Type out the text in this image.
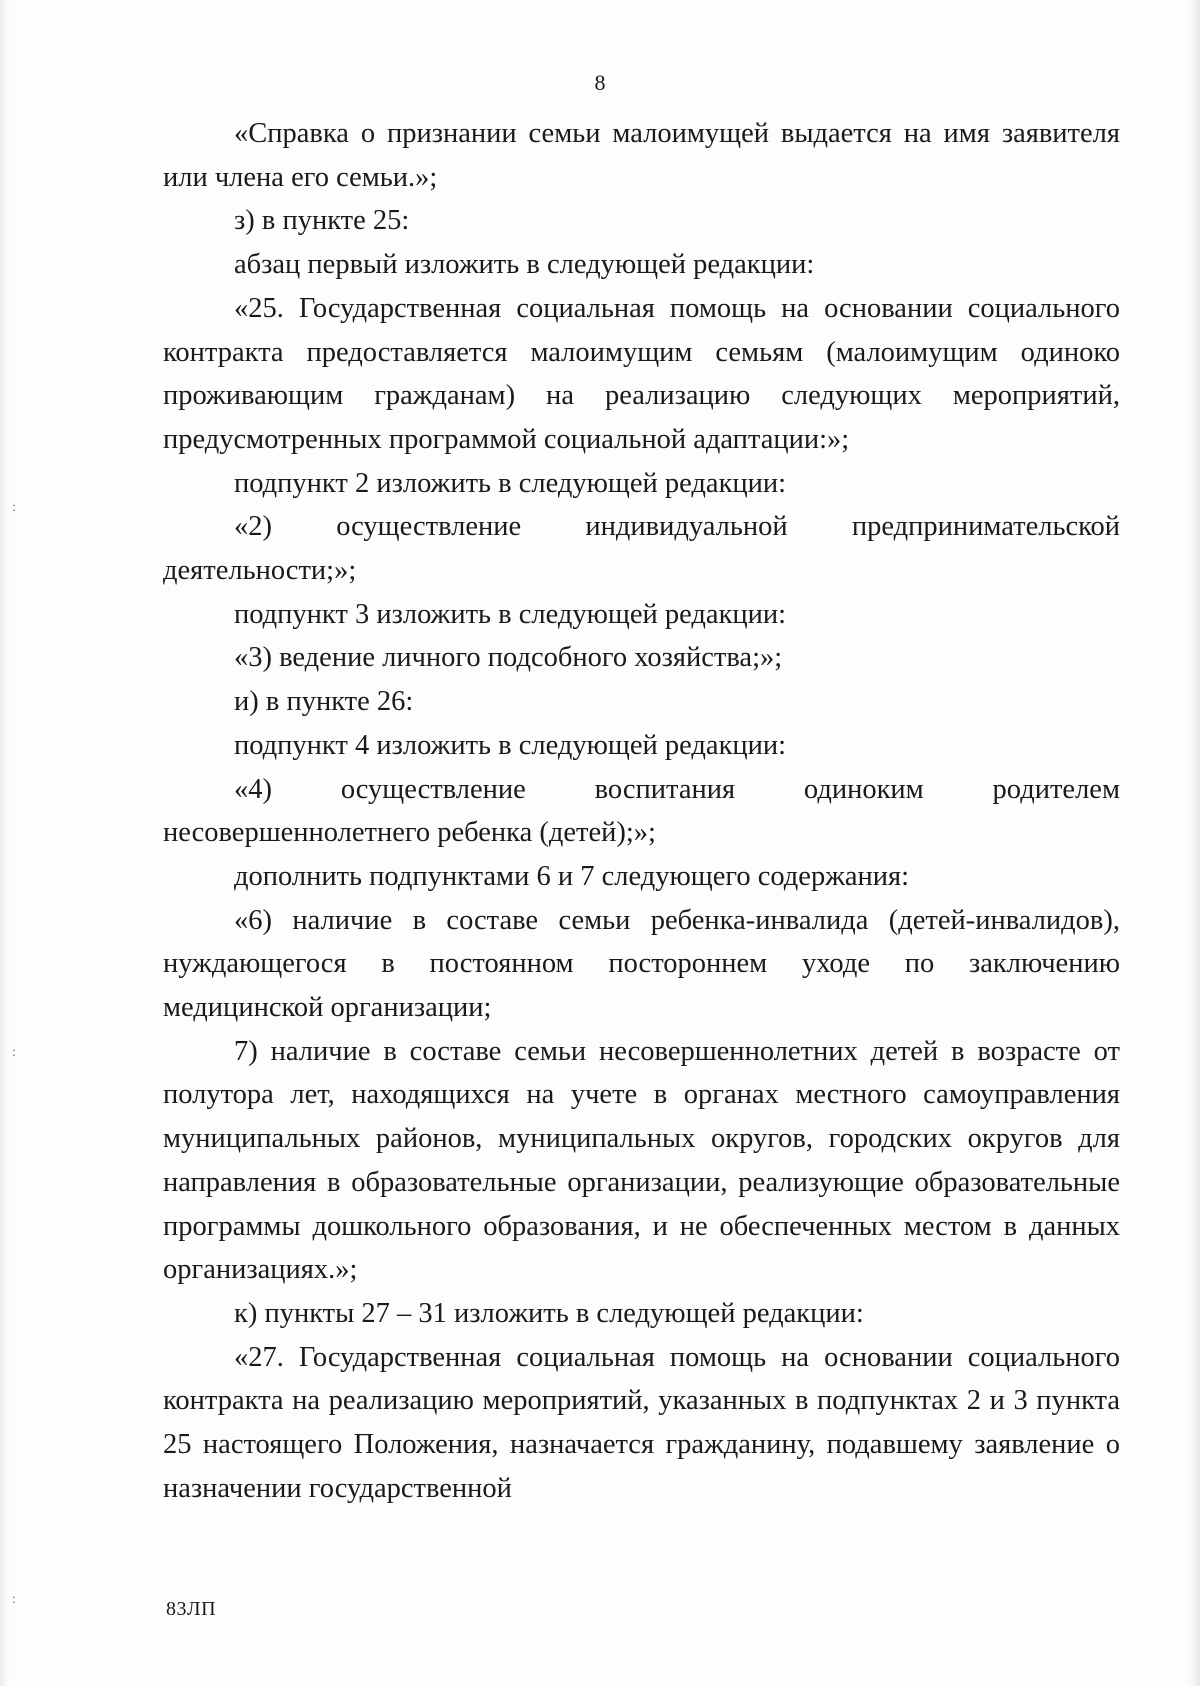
8

«Справка о признании семьи малоимущей выдается на имя заявителя или члена его семьи.»;

з) в пункте 25:

абзац первый изложить в следующей редакции:

«25. Государственная социальная помощь на основании социального контракта предоставляется малоимущим семьям (малоимущим одиноко проживающим гражданам) на реализацию следующих мероприятий, предусмотренных программой социальной адаптации:»;

подпункт 2 изложить в следующей редакции:

«2) осуществление индивидуальной предпринимательской деятельности;»;

подпункт 3 изложить в следующей редакции:

«3) ведение личного подсобного хозяйства;»;

и) в пункте 26:

подпункт 4 изложить в следующей редакции:

«4) осуществление воспитания одиноким родителем несовершеннолетнего ребенка (детей);»;

дополнить подпунктами 6 и 7 следующего содержания:

«6) наличие в составе семьи ребенка-инвалида (детей-инвалидов), нуждающегося в постоянном постороннем уходе по заключению медицинской организации;

7) наличие в составе семьи несовершеннолетних детей в возрасте от полутора лет, находящихся на учете в органах местного самоуправления муниципальных районов, муниципальных округов, городских округов для направления в образовательные организации, реализующие образовательные программы дошкольного образования, и не обеспеченных местом в данных организациях.»;

к) пункты 27 – 31 изложить в следующей редакции:

«27. Государственная социальная помощь на основании социального контракта на реализацию мероприятий, указанных в подпунктах 2 и 3 пункта 25 настоящего Положения, назначается гражданину, подавшему заявление о назначении государственной

83ЛП
:
:
:
